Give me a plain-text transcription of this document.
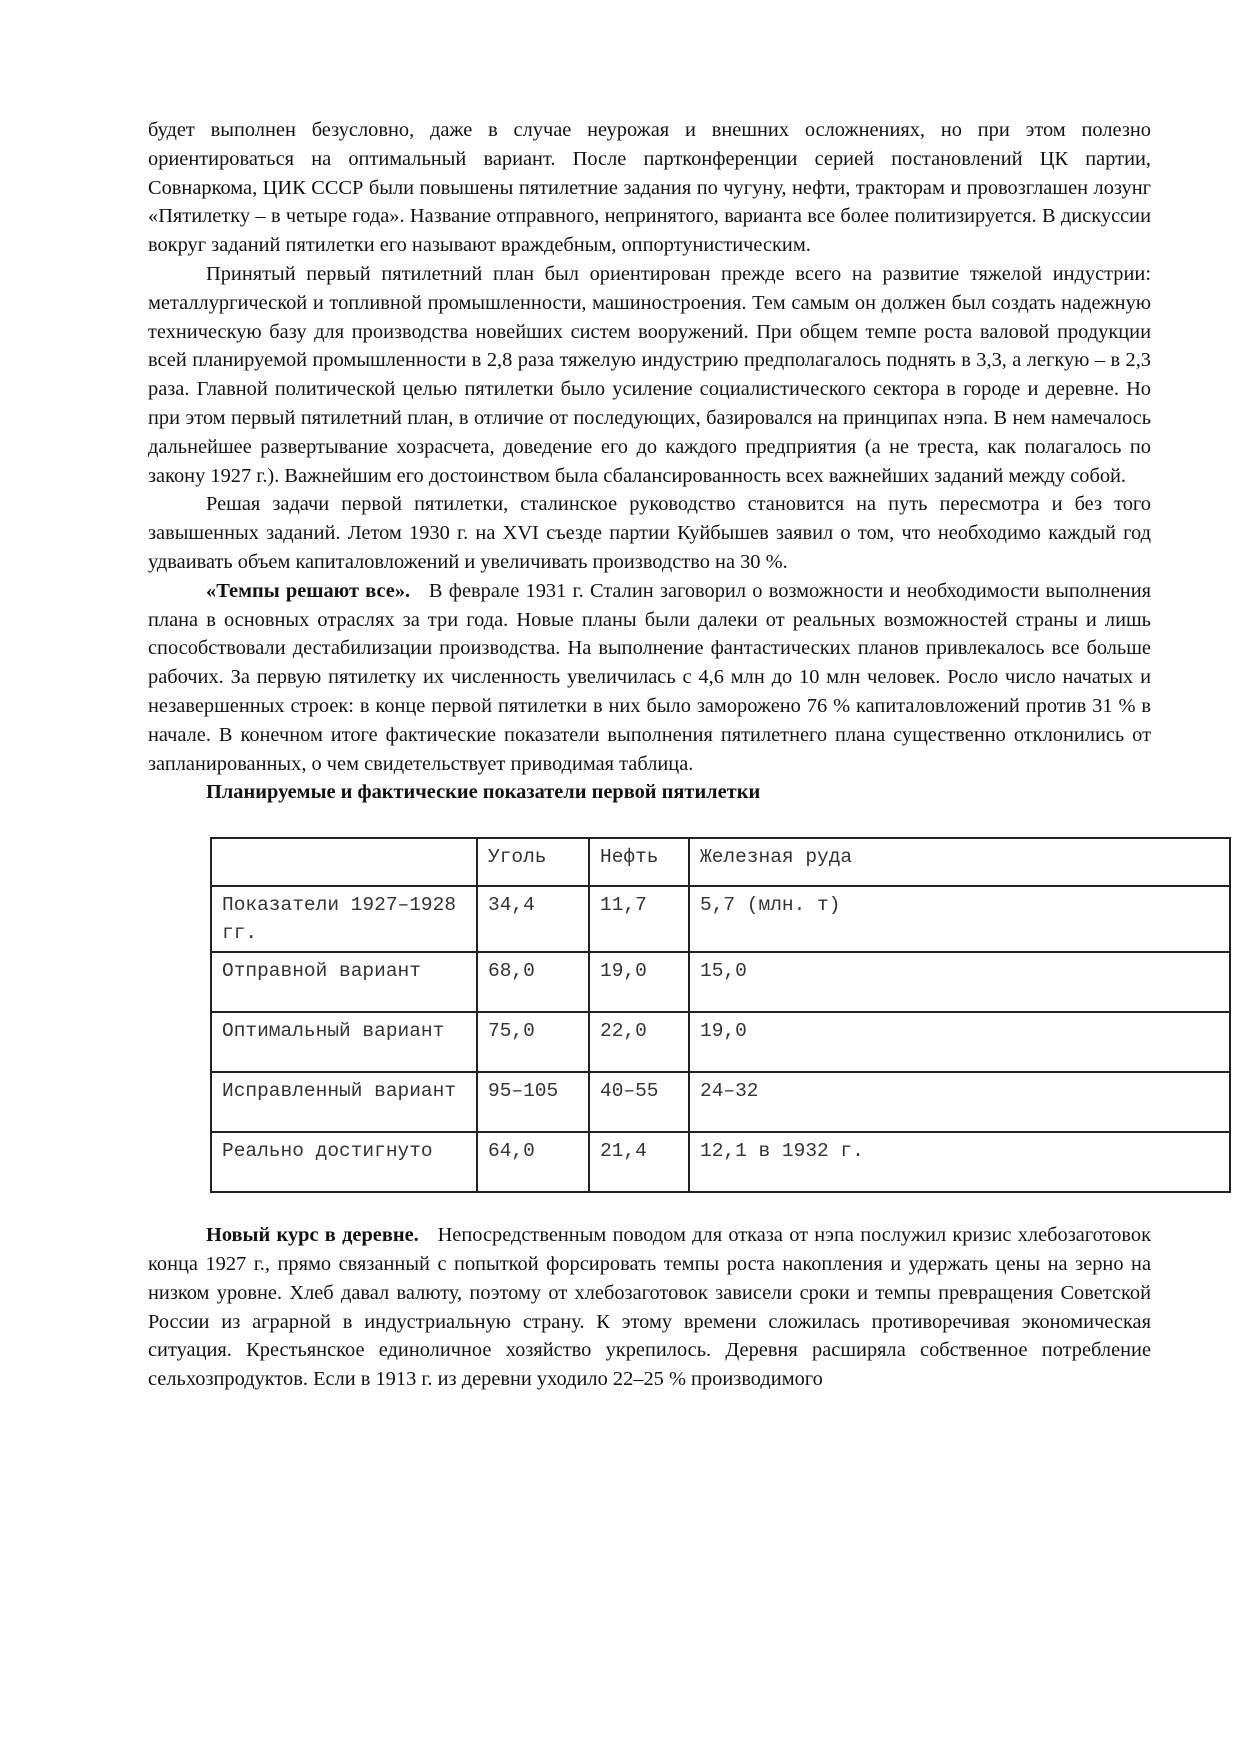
будет выполнен безусловно, даже в случае неурожая и внешних осложнениях, но при этом полезно ориентироваться на оптимальный вариант. После партконференции серией постановлений ЦК партии, Совнаркома, ЦИК СССР были повышены пятилетние задания по чугуну, нефти, тракторам и провозглашен лозунг «Пятилетку – в четыре года». Название отправного, непринятого, варианта все более политизируется. В дискуссии вокруг заданий пятилетки его называют враждебным, оппортунистическим.

Принятый первый пятилетний план был ориентирован прежде всего на развитие тяжелой индустрии: металлургической и топливной промышленности, машиностроения. Тем самым он должен был создать надежную техническую базу для производства новейших систем вооружений. При общем темпе роста валовой продукции всей планируемой промышленности в 2,8 раза тяжелую индустрию предполагалось поднять в 3,3, а легкую – в 2,3 раза. Главной политической целью пятилетки было усиление социалистического сектора в городе и деревне. Но при этом первый пятилетний план, в отличие от последующих, базировался на принципах нэпа. В нем намечалось дальнейшее развертывание хозрасчета, доведение его до каждого предприятия (а не треста, как полагалось по закону 1927 г.). Важнейшим его достоинством была сбалансированность всех важнейших заданий между собой.

Решая задачи первой пятилетки, сталинское руководство становится на путь пересмотра и без того завышенных заданий. Летом 1930 г. на XVI съезде партии Куйбышев заявил о том, что необходимо каждый год удваивать объем капиталовложений и увеличивать производство на 30 %.

«Темпы решают все». В феврале 1931 г. Сталин заговорил о возможности и необходимости выполнения плана в основных отраслях за три года. Новые планы были далеки от реальных возможностей страны и лишь способствовали дестабилизации производства. На выполнение фантастических планов привлекалось все больше рабочих. За первую пятилетку их численность увеличилась с 4,6 млн до 10 млн человек. Росло число начатых и незавершенных строек: в конце первой пятилетки в них было заморожено 76 % капиталовложений против 31 % в начале. В конечном итоге фактические показатели выполнения пятилетнего плана существенно отклонились от запланированных, о чем свидетельствует приводимая таблица.

Планируемые и фактические показатели первой пятилетки

	Уголь	Нефть	Железная руда
Показатели 1927–1928 гг.	34,4	11,7	5,7 (млн. т)
Отправной вариант	68,0	19,0	15,0
Оптимальный вариант	75,0	22,0	19,0
Исправленный вариант	95–105	40–55	24–32
Реально достигнуто	64,0	21,4	12,1 в 1932 г.

Новый курс в деревне. Непосредственным поводом для отказа от нэпа послужил кризис хлебозаготовок конца 1927 г., прямо связанный с попыткой форсировать темпы роста накопления и удержать цены на зерно на низком уровне. Хлеб давал валюту, поэтому от хлебозаготовок зависели сроки и темпы превращения Советской России из аграрной в индустриальную страну. К этому времени сложилась противоречивая экономическая ситуация. Крестьянское единоличное хозяйство укрепилось. Деревня расширяла собственное потребление сельхозпродуктов. Если в 1913 г. из деревни уходило 22–25 % производимого
